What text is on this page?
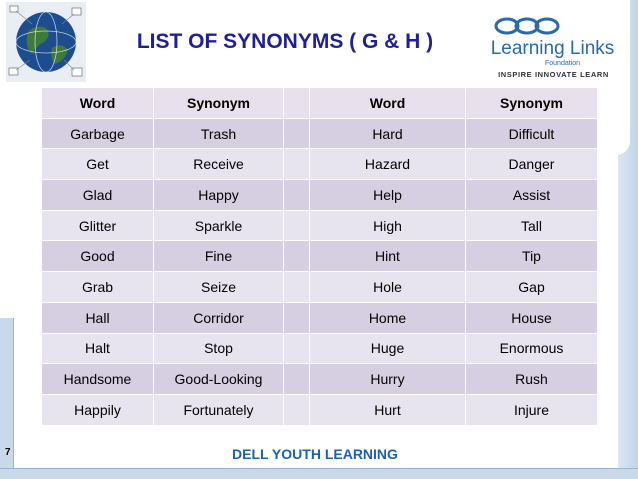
LIST OF SYNONYMS ( G & H )	Learning Links
Foundation
INSPIRE INNOVATE LEARN
Word	Synonym		Word	Synonym
Garbage	Trash		Hard	Difficult
Get	Receive		Hazard	Danger
Glad	Happy		Help	Assist
Glitter	Sparkle		High	Tall
Good	Fine		Hint	Tip
Grab	Seize		Hole	Gap
Hall	Corridor		Home	House
Halt	Stop		Huge	Enormous
Handsome	Good-Looking		Hurry	Rush
Happily	Fortunately		Hurt	Injure
7	DELL YOUTH LEARNING
